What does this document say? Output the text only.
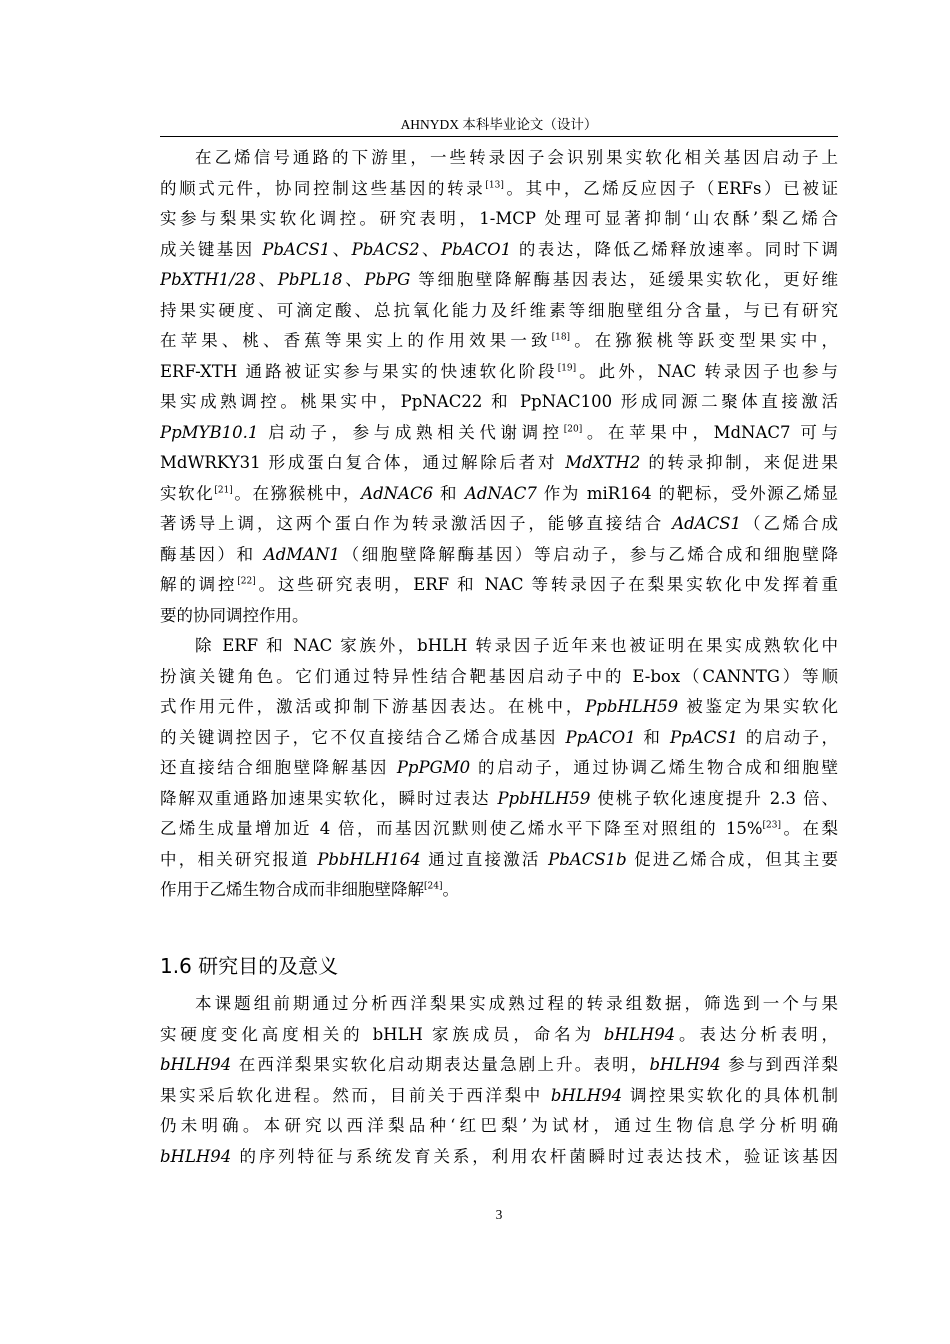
AHNYDX 本科毕业论文（设计）
在乙烯信号通路的下游里，一些转录因子会识别果实软化相关基因启动子上
的顺式元件，协同控制这些基因的转录[13]。其中，乙烯反应因子（ERFs）已被证
实参与梨果实软化调控。研究表明，1-MCP 处理可显著抑制‘山农酥’梨乙烯合
成关键基因 PbACS1、PbACS2、PbACO1 的表达，降低乙烯释放速率。同时下调
PbXTH1/28、PbPL18、PbPG 等细胞壁降解酶基因表达，延缓果实软化，更好维
持果实硬度、可滴定酸、总抗氧化能力及纤维素等细胞壁组分含量，与已有研究
在苹果、桃、香蕉等果实上的作用效果一致[18]。在猕猴桃等跃变型果实中，
ERF-XTH 通路被证实参与果实的快速软化阶段[19]。此外，NAC 转录因子也参与
果实成熟调控。桃果实中，PpNAC22 和 PpNAC100 形成同源二聚体直接激活
PpMYB10.1 启动子，参与成熟相关代谢调控[20]。在苹果中，MdNAC7 可与
MdWRKY31 形成蛋白复合体，通过解除后者对 MdXTH2 的转录抑制，来促进果
实软化[21]。在猕猴桃中，AdNAC6 和 AdNAC7 作为 miR164 的靶标，受外源乙烯显
著诱导上调，这两个蛋白作为转录激活因子，能够直接结合 AdACS1（乙烯合成
酶基因）和 AdMAN1（细胞壁降解酶基因）等启动子，参与乙烯合成和细胞壁降
解的调控[22]。这些研究表明，ERF 和 NAC 等转录因子在梨果实软化中发挥着重
要的协同调控作用。
除 ERF 和 NAC 家族外，bHLH 转录因子近年来也被证明在果实成熟软化中
扮演关键角色。它们通过特异性结合靶基因启动子中的 E-box（CANNTG）等顺
式作用元件，激活或抑制下游基因表达。在桃中，PpbHLH59 被鉴定为果实软化
的关键调控因子，它不仅直接结合乙烯合成基因 PpACO1 和 PpACS1 的启动子，
还直接结合细胞壁降解基因 PpPGM0 的启动子，通过协调乙烯生物合成和细胞壁
降解双重通路加速果实软化，瞬时过表达 PpbHLH59 使桃子软化速度提升 2.3 倍、
乙烯生成量增加近 4 倍，而基因沉默则使乙烯水平下降至对照组的 15%[23]。在梨
中，相关研究报道 PbbHLH164 通过直接激活 PbACS1b 促进乙烯合成，但其主要
作用于乙烯生物合成而非细胞壁降解[24]。
1.6 研究目的及意义
本课题组前期通过分析西洋梨果实成熟过程的转录组数据，筛选到一个与果
实硬度变化高度相关的 bHLH 家族成员，命名为 bHLH94。表达分析表明，
bHLH94 在西洋梨果实软化启动期表达量急剧上升。表明，bHLH94 参与到西洋梨
果实采后软化进程。然而，目前关于西洋梨中 bHLH94 调控果实软化的具体机制
仍未明确。本研究以西洋梨品种‘红巴梨’为试材，通过生物信息学分析明确
bHLH94 的序列特征与系统发育关系，利用农杆菌瞬时过表达技术，验证该基因
3
